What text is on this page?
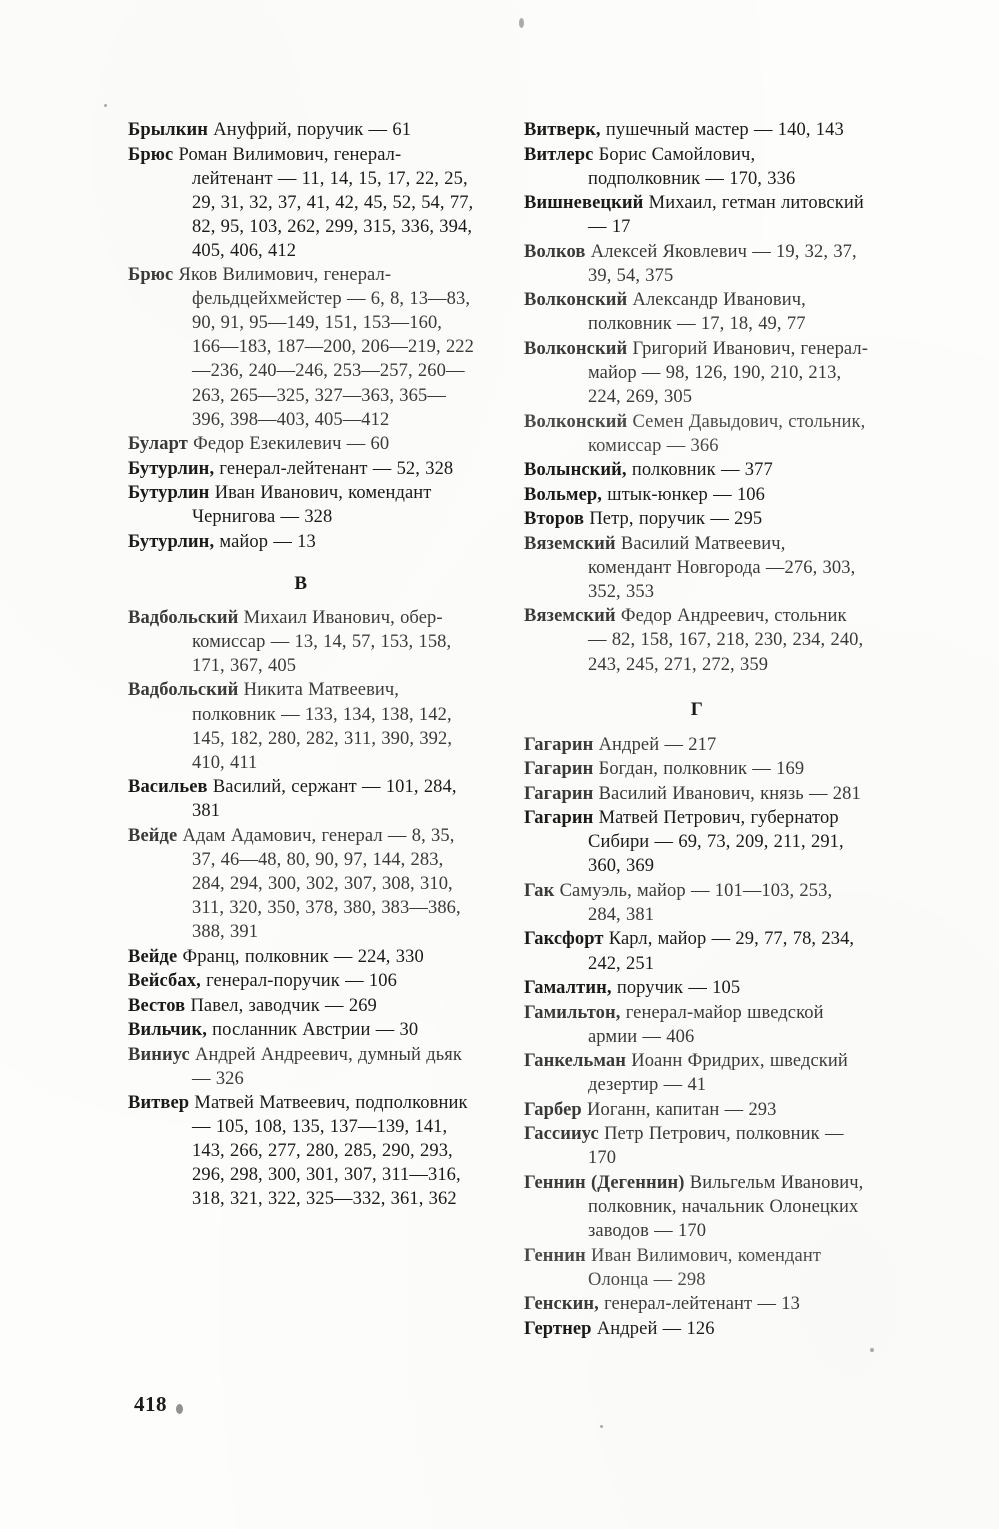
Брылкин Ануфрий, поручик — 61

Брюс Роман Вилимович, генерал-лейтенант — 11, 14, 15, 17, 22, 25, 29, 31, 32, 37, 41, 42, 45, 52, 54, 77, 82, 95, 103, 262, 299, 315, 336, 394, 405, 406, 412

Брюс Яков Вилимович, генерал-фельдцейхмейстер — 6, 8, 13—83, 90, 91, 95—149, 151, 153—160, 166—183, 187—200, 206—219, 222—236, 240—246, 253—257, 260—263, 265—325, 327—363, 365—396, 398—403, 405—412

Буларт Федор Езекилевич — 60

Бутурлин, генерал-лейтенант — 52, 328

Бутурлин Иван Иванович, комендант Чернигова — 328

Бутурлин, майор — 13

В

Вадбольский Михаил Иванович, обер-комиссар — 13, 14, 57, 153, 158, 171, 367, 405

Вадбольский Никита Матвеевич, полковник — 133, 134, 138, 142, 145, 182, 280, 282, 311, 390, 392, 410, 411

Васильев Василий, сержант — 101, 284, 381

Вейде Адам Адамович, генерал — 8, 35, 37, 46—48, 80, 90, 97, 144, 283, 284, 294, 300, 302, 307, 308, 310, 311, 320, 350, 378, 380, 383—386, 388, 391

Вейде Франц, полковник — 224, 330

Вейсбах, генерал-поручик — 106

Вестов Павел, заводчик — 269

Вильчик, посланник Австрии — 30

Виниус Андрей Андреевич, думный дьяк — 326

Витвер Матвей Матвеевич, подполковник — 105, 108, 135, 137—139, 141, 143, 266, 277, 280, 285, 290, 293, 296, 298, 300, 301, 307, 311—316, 318, 321, 322, 325—332, 361, 362

Витверк, пушечный мастер — 140, 143

Витлерс Борис Самойлович, подполковник — 170, 336

Вишневецкий Михаил, гетман литовский — 17

Волков Алексей Яковлевич — 19, 32, 37, 39, 54, 375

Волконский Александр Иванович, полковник — 17, 18, 49, 77

Волконский Григорий Иванович, генерал-майор — 98, 126, 190, 210, 213, 224, 269, 305

Волконский Семен Давыдович, стольник, комиссар — 366

Волынский, полковник — 377

Вольмер, штык-юнкер — 106

Второв Петр, поручик — 295

Вяземский Василий Матвеевич, комендант Новгорода —276, 303, 352, 353

Вяземский Федор Андреевич, стольник — 82, 158, 167, 218, 230, 234, 240, 243, 245, 271, 272, 359

Г

Гагарин Андрей — 217

Гагарин Богдан, полковник — 169

Гагарин Василий Иванович, князь — 281

Гагарин Матвей Петрович, губернатор Сибири — 69, 73, 209, 211, 291, 360, 369

Гак Самуэль, майор — 101—103, 253, 284, 381

Гаксфорт Карл, майор — 29, 77, 78, 234, 242, 251

Гамалтин, поручик — 105

Гамильтон, генерал-майор шведской армии — 406

Ганкельман Иоанн Фридрих, шведский дезертир — 41

Гарбер Иоганн, капитан — 293

Гассииус Петр Петрович, полковник — 170

Геннин (Дегеннин) Вильгельм Иванович, полковник, начальник Олонецких заводов — 170

Геннин Иван Вилимович, комендант Олонца — 298

Генскин, генерал-лейтенант — 13

Гертнер Андрей — 126

418
